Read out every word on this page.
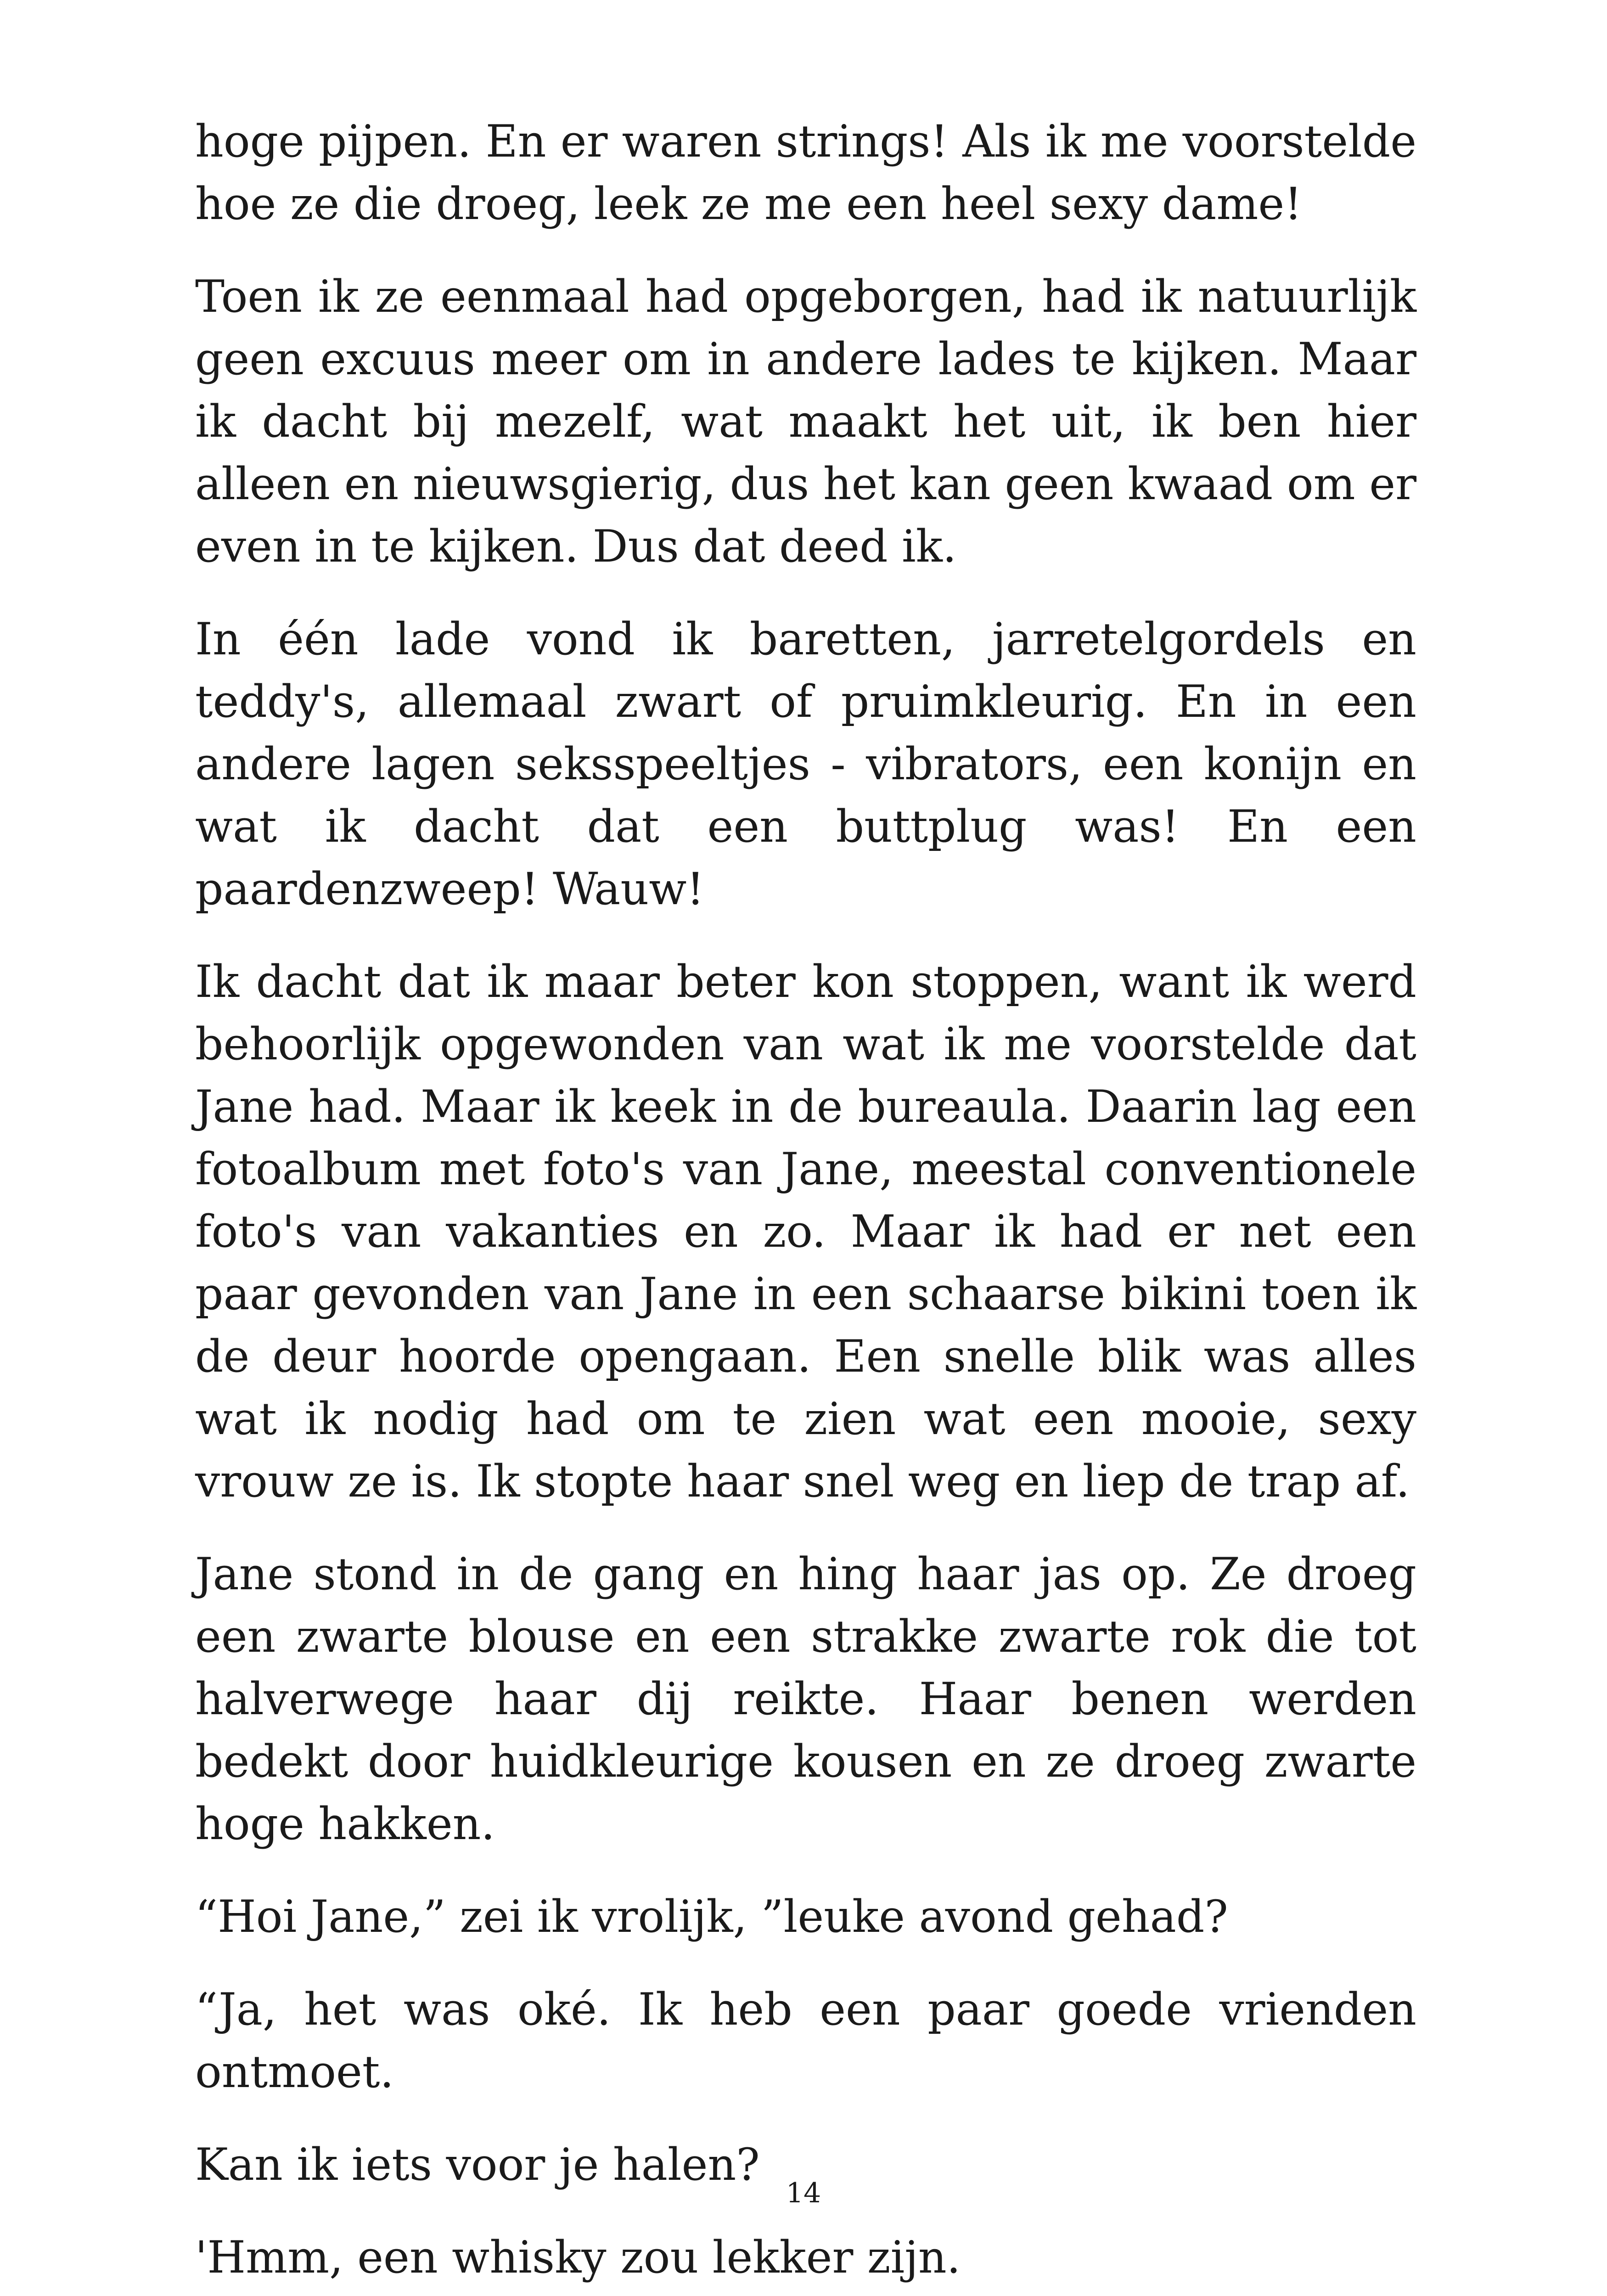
hoge pijpen. En er waren strings! Als ik me voorstelde hoe ze die droeg, leek ze me een heel sexy dame!

Toen ik ze eenmaal had opgeborgen, had ik natuurlijk geen excuus meer om in andere lades te kijken. Maar ik dacht bij mezelf, wat maakt het uit, ik ben hier alleen en nieuwsgierig, dus het kan geen kwaad om er even in te kijken. Dus dat deed ik.

In één lade vond ik baretten, jarretelgordels en teddy's, allemaal zwart of pruimkleurig. En in een andere lagen seksspeeltjes - vibrators, een konijn en wat ik dacht dat een buttplug was! En een paardenzweep! Wauw!

Ik dacht dat ik maar beter kon stoppen, want ik werd behoorlijk opgewonden van wat ik me voorstelde dat Jane had. Maar ik keek in de bureaula. Daarin lag een fotoalbum met foto's van Jane, meestal conventionele foto's van vakanties en zo. Maar ik had er net een paar gevonden van Jane in een schaarse bikini toen ik de deur hoorde opengaan. Een snelle blik was alles wat ik nodig had om te zien wat een mooie, sexy vrouw ze is. Ik stopte haar snel weg en liep de trap af.

Jane stond in de gang en hing haar jas op. Ze droeg een zwarte blouse en een strakke zwarte rok die tot halverwege haar dij reikte. Haar benen werden bedekt door huidkleurige kousen en ze droeg zwarte hoge hakken.

“Hoi Jane,” zei ik vrolijk, ”leuke avond gehad?

“Ja, het was oké. Ik heb een paar goede vrienden ontmoet.

Kan ik iets voor je halen?

'Hmm, een whisky zou lekker zijn.

14
